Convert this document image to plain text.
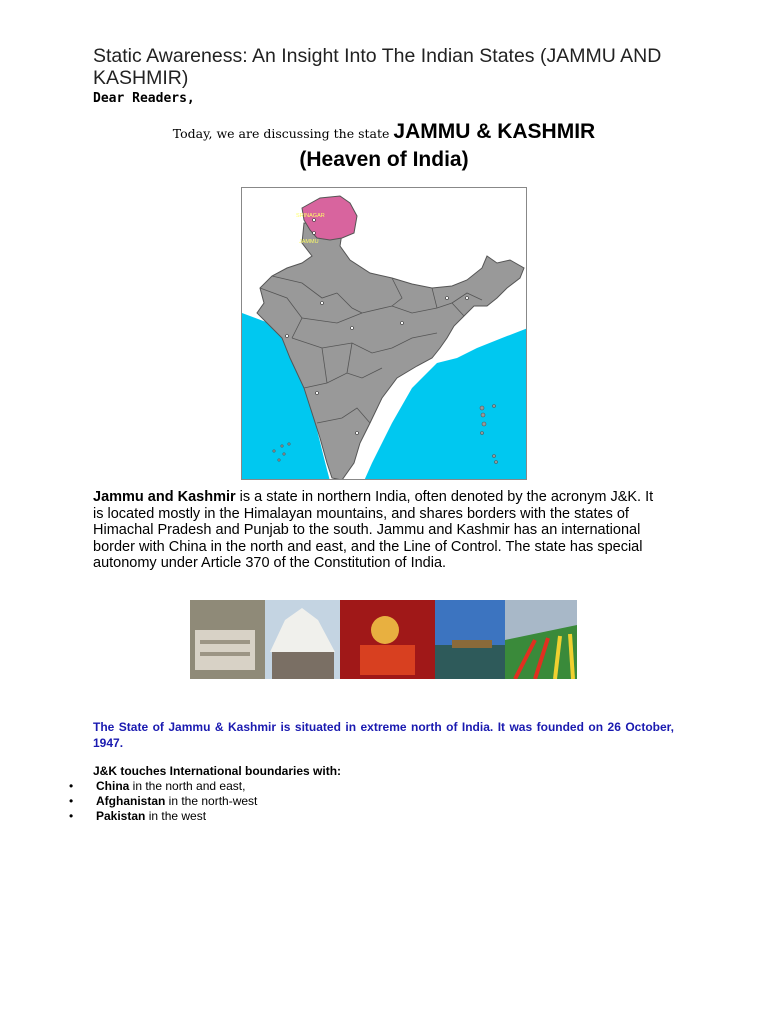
Static Awareness: An Insight Into The Indian States (JAMMU AND KASHMIR)
Dear Readers,
Today, we are discussing the state JAMMU & KASHMIR
(Heaven of India)
SRINAGAR
JAMMU
Jammu and Kashmir is a state in northern India, often denoted by the acronym J&K. It is located mostly in the Himalayan mountains, and shares borders with the states of Himachal Pradesh and Punjab to the south. Jammu and Kashmir has an international border with China in the north and east, and the Line of Control. The state has special autonomy under Article 370 of the Constitution of India.
The State of Jammu & Kashmir is situated in extreme north of India. It was founded on 26 October, 1947.
J&K touches International boundaries with:
• China in the north and east,
• Afghanistan in the north-west
• Pakistan in the west
